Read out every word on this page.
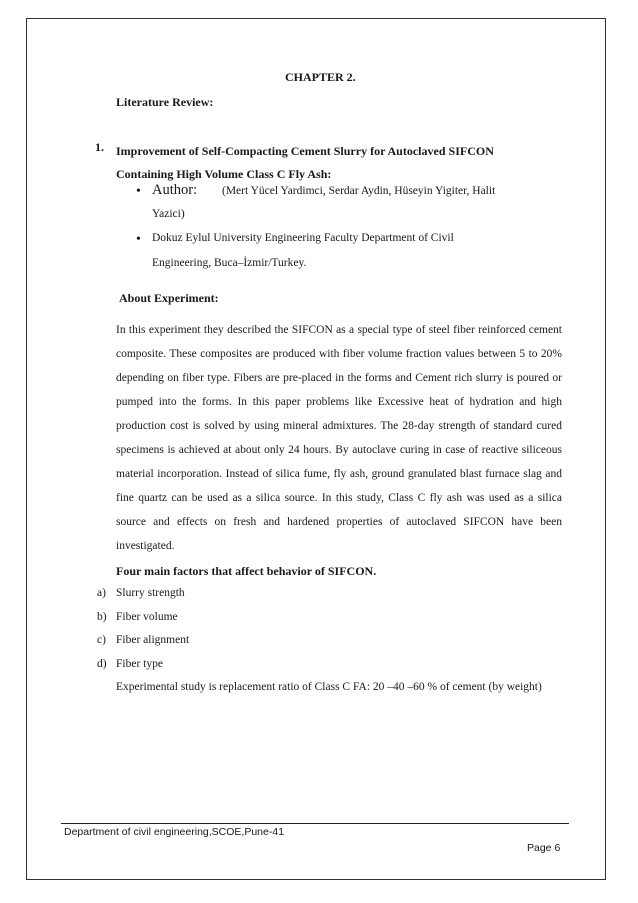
CHAPTER 2.
Literature Review:
1. Improvement of Self-Compacting Cement Slurry for Autoclaved SIFCON Containing High Volume Class C Fly Ash:
• Author: (Mert Yücel Yardimci, Serdar Aydin, Hüseyin Yigiter, Halit
Yazici)
• Dokuz Eylul University Engineering Faculty Department of Civil
Engineering, Buca–İzmir/Turkey.
About Experiment:
In this experiment they described the SIFCON as a special type of steel fiber reinforced cement composite. These composites are produced with fiber volume fraction values between 5 to 20% depending on fiber type. Fibers are pre-placed in the forms and Cement rich slurry is poured or pumped into the forms. In this paper problems like Excessive heat of hydration and high production cost is solved by using mineral admixtures. The 28-day strength of standard cured specimens is achieved at about only 24 hours. By autoclave curing in case of reactive siliceous material incorporation. Instead of silica fume, fly ash, ground granulated blast furnace slag and fine quartz can be used as a silica source. In this study, Class C fly ash was used as a silica source and effects on fresh and hardened properties of autoclaved SIFCON have been investigated.
Four main factors that affect behavior of SIFCON.
a) Slurry strength
b) Fiber volume
c) Fiber alignment
d) Fiber type
Experimental study is replacement ratio of Class C FA: 20 –40 –60 % of cement (by weight)
Department of civil engineering,SCOE,Pune-41
Page 6
